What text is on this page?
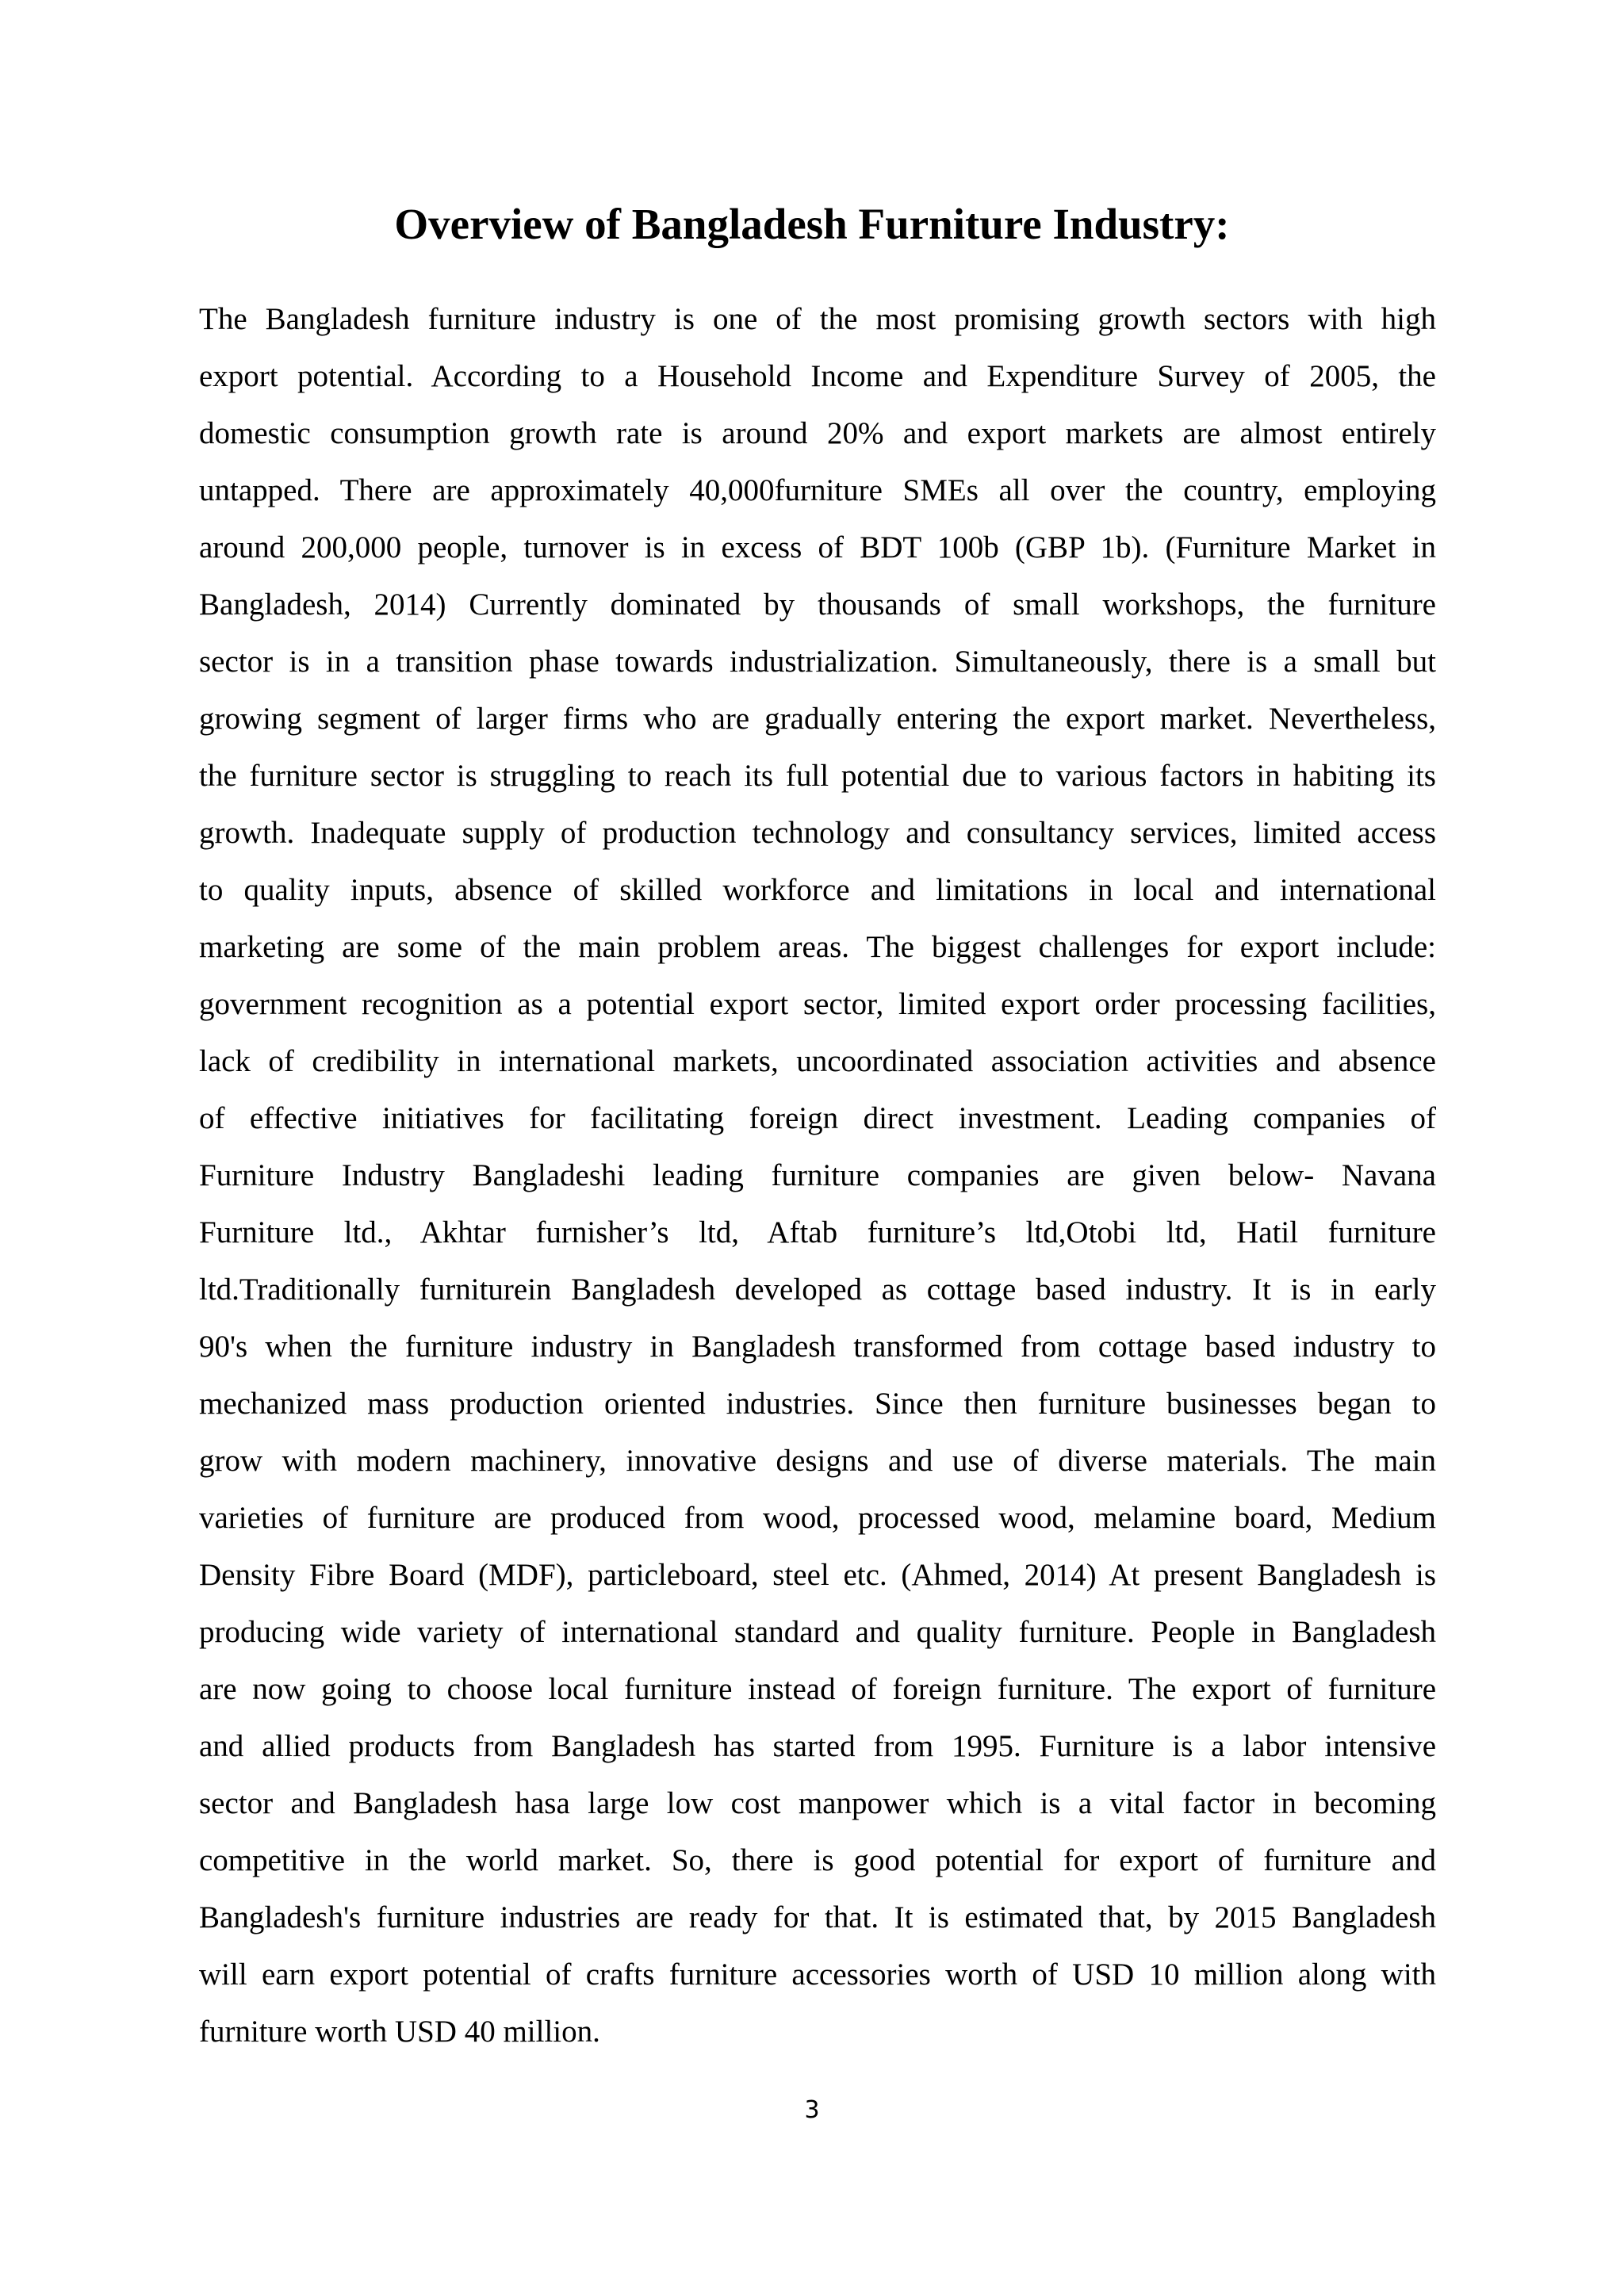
Overview of Bangladesh Furniture Industry:
The Bangladesh furniture industry is one of the most promising growth sectors with high
export potential. According to a Household Income and Expenditure Survey of 2005, the
domestic consumption growth rate is around 20% and export markets are almost entirely
untapped. There are approximately 40,000furniture SMEs all over the country, employing
around 200,000 people, turnover is in excess of BDT 100b (GBP 1b). (Furniture Market in
Bangladesh, 2014) Currently dominated by thousands of small workshops, the furniture
sector is in a transition phase towards industrialization. Simultaneously, there is a small but
growing segment of larger firms who are gradually entering the export market. Nevertheless,
the furniture sector is struggling to reach its full potential due to various factors in habiting its
growth. Inadequate supply of production technology and consultancy services, limited access
to quality inputs, absence of skilled workforce and limitations in local and international
marketing are some of the main problem areas. The biggest challenges for export include:
government recognition as a potential export sector, limited export order processing facilities,
lack of credibility in international markets, uncoordinated association activities and absence
of effective initiatives for facilitating foreign direct investment. Leading companies of
Furniture Industry Bangladeshi leading furniture companies are given below- Navana
Furniture ltd., Akhtar furnisher’s ltd, Aftab furniture’s ltd,Otobi ltd, Hatil furniture
ltd.Traditionally furniturein Bangladesh developed as cottage based industry. It is in early
90's when the furniture industry in Bangladesh transformed from cottage based industry to
mechanized mass production oriented industries. Since then furniture businesses began to
grow with modern machinery, innovative designs and use of diverse materials. The main
varieties of furniture are produced from wood, processed wood, melamine board, Medium
Density Fibre Board (MDF), particleboard, steel etc. (Ahmed, 2014) At present Bangladesh is
producing wide variety of international standard and quality furniture. People in Bangladesh
are now going to choose local furniture instead of foreign furniture. The export of furniture
and allied products from Bangladesh has started from 1995. Furniture is a labor intensive
sector and Bangladesh hasa large low cost manpower which is a vital factor in becoming
competitive in the world market. So, there is good potential for export of furniture and
Bangladesh's furniture industries are ready for that. It is estimated that, by 2015 Bangladesh
will earn export potential of crafts furniture accessories worth of USD 10 million along with
furniture worth USD 40 million.
3
